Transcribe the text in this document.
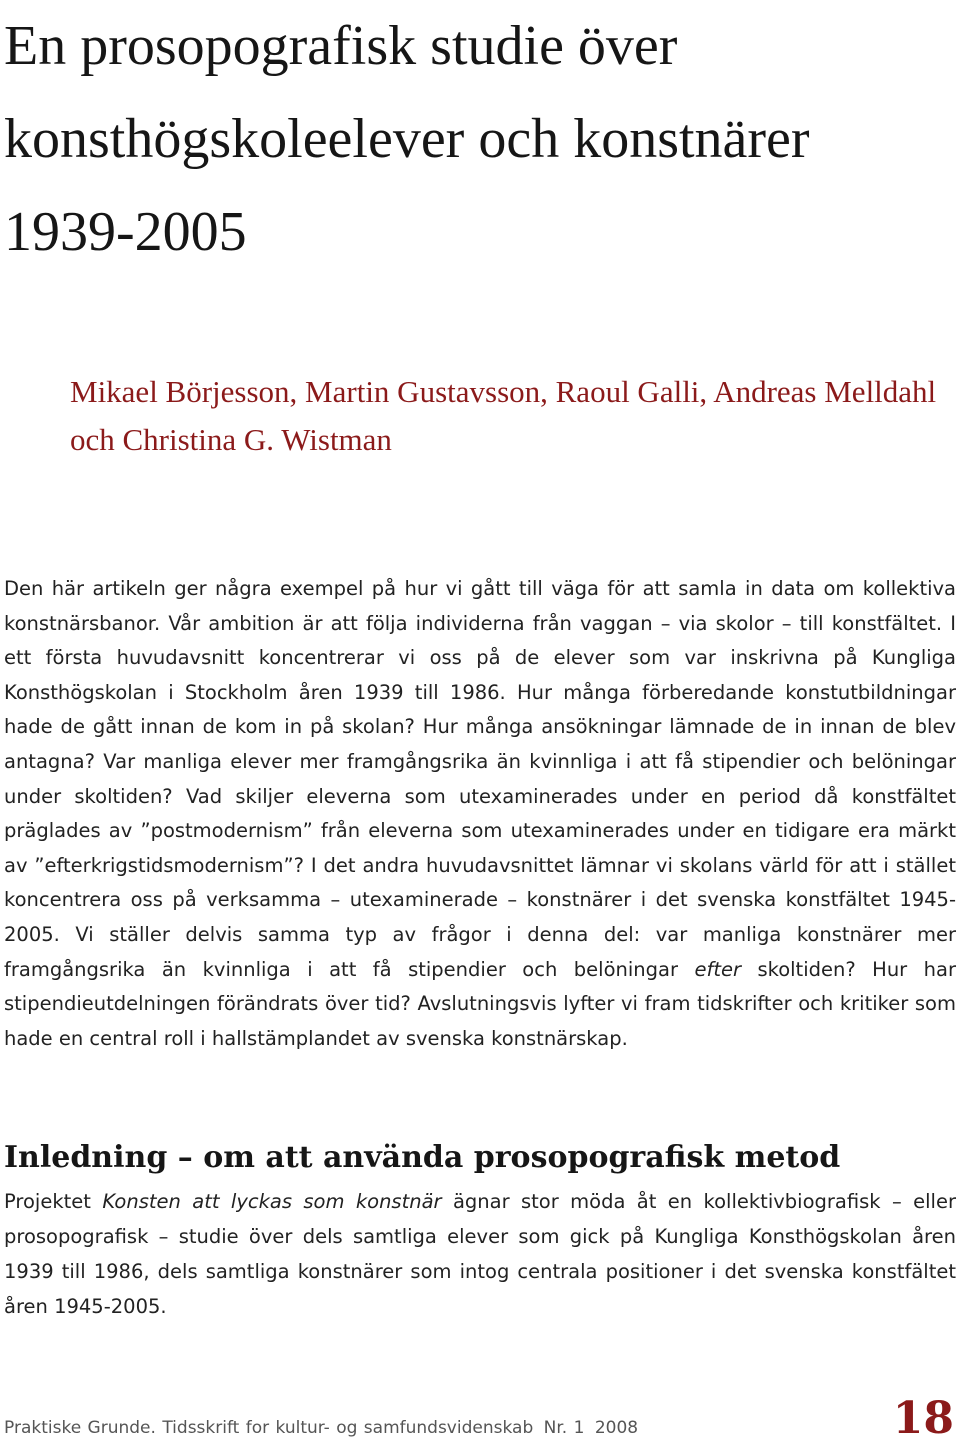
En prosopografisk studie över konsthögskoleelever och konstnärer 1939-2005

Mikael Börjesson, Martin Gustavsson, Raoul Galli, Andreas Melldahl och Christina G. Wistman

Den här artikeln ger några exempel på hur vi gått till väga för att samla in data om kollektiva konstnärsbanor. Vår ambition är att följa individerna från vaggan – via skolor – till konstfältet. I ett första huvudavsnitt koncentrerar vi oss på de elever som var inskrivna på Kungliga Konsthögskolan i Stockholm åren 1939 till 1986. Hur många förberedande konstutbildningar hade de gått innan de kom in på skolan? Hur många ansökningar lämnade de in innan de blev antagna? Var manliga elever mer framgångsrika än kvinnliga i att få stipendier och belöningar under skoltiden? Vad skiljer eleverna som utexaminerades under en period då konstfältet präglades av ”postmodernism” från eleverna som utexaminerades under en tidigare era märkt av ”efterkrigstidsmodernism”? I det andra huvudavsnittet lämnar vi skolans värld för att i stället koncentrera oss på verksamma – utexaminerade – konstnärer i det svenska konstfältet 1945-2005. Vi ställer delvis samma typ av frågor i denna del: var manliga konstnärer mer framgångsrika än kvinnliga i att få stipendier och belöningar efter skoltiden? Hur har stipendieutdelningen förändrats över tid? Avslutningsvis lyfter vi fram tidskrifter och kritiker som hade en central roll i hallstämplandet av svenska konstnärskap.

Inledning – om att använda prosopografisk metod

Projektet Konsten att lyckas som konstnär ägnar stor möda åt en kollektivbiografisk – eller prosopografisk – studie över dels samtliga elever som gick på Kungliga Konsthögskolan åren 1939 till 1986, dels samtliga konstnärer som intog centrala positioner i det svenska konstfältet åren 1945-2005.

Praktiske Grunde. Tidsskrift for kultur- og samfundsvidenskab Nr. 1 2008	18
